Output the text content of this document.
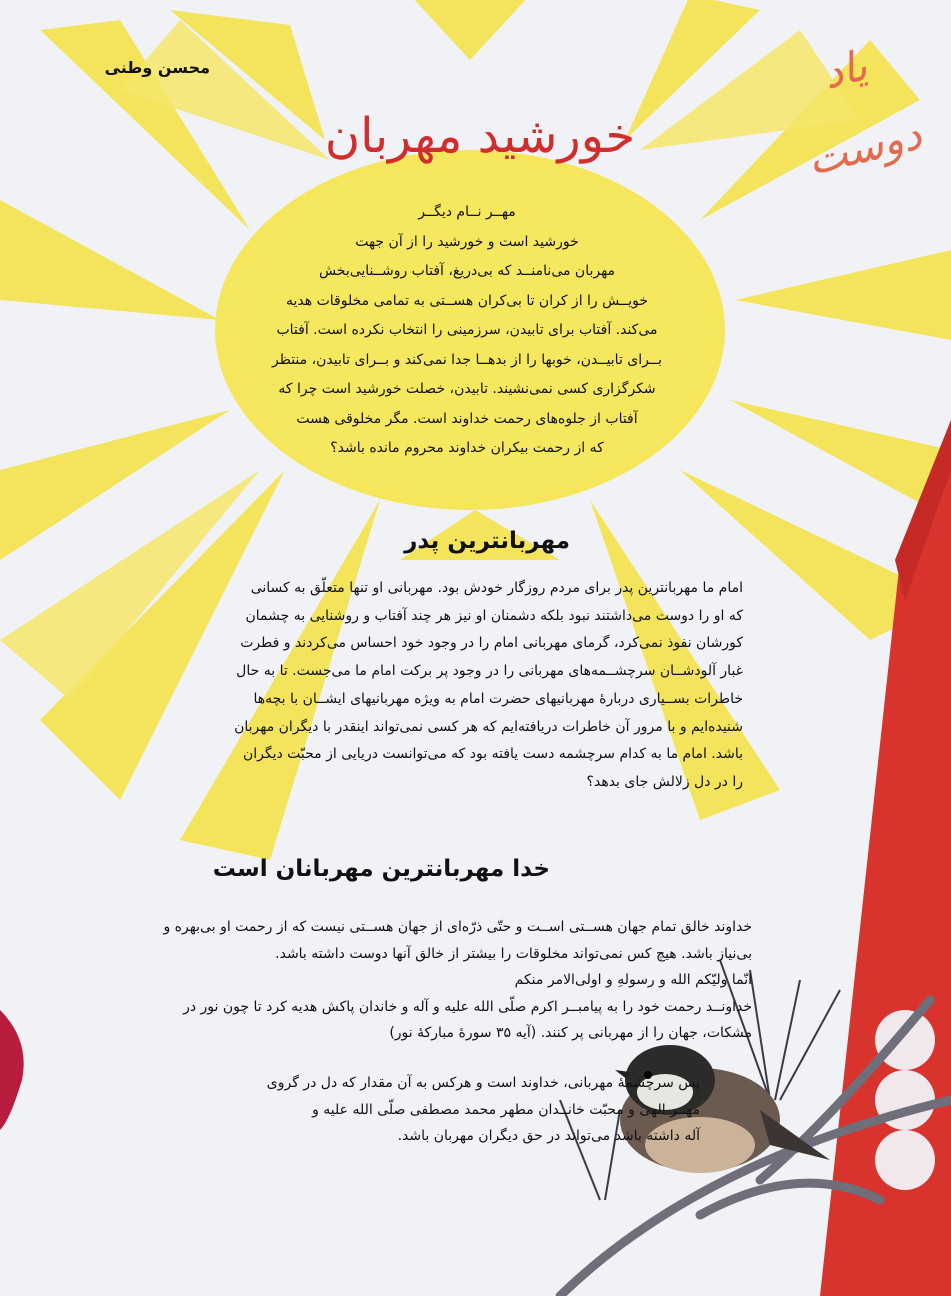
یاد دوست
محسن وطنی
خورشید مهربان

مهــر نــام دیگــر

خورشید است و خورشید را از آن جهت

مهربان می‌نامنــد که بی‌دریغ، آفتاب روشــنایی‌بخش

خویــش را از کران تا بی‌کران هســتی به تمامی مخلوقات هدیه

می‌کند. آفتاب برای تابیدن، سرزمینی را انتخاب نکرده است. آفتاب

بــرای تابیــدن، خوبها را از بدهــا جدا نمی‌کند و بــرای تابیدن، منتظر

شکرگزاری کسی نمی‌نشیند. تابیدن، خصلت خورشید است چرا که

آفتاب از جلوه‌های رحمت خداوند است. مگر مخلوقی هست

که از رحمت بیکران خداوند محروم مانده باشد؟

مهربانترین پدر

امام ما مهربانترین پدر برای مردم روزگار خودش بود. مهربانی او تنها متعلّق به کسانی

که او را دوست می‌داشتند نبود بلکه دشمنان او نیز هر چند آفتاب و روشنایی به چشمان

کورشان نفوذ نمی‌کرد، گرمای مهربانی امام را در وجود خود احساس می‌کردند و فطرت

غبار آلودشــان سرچشــمه‌های مهربانی را در وجود پر برکت امام ما می‌جست. تا به حال

خاطرات بســیاری دربارۀ مهربانیهای حضرت امام به ویژه مهربانیهای ایشــان با بچه‌ها

شنیده‌ایم و با مرور آن خاطرات دریافته‌ایم که هر کسی نمی‌تواند اینقدر با دیگران مهربان

باشد. امام ما به کدام سرچشمه دست یافته بود که می‌توانست دریایی از محبّت دیگران

را در دل زلالش جای بدهد؟

خدا مهربانترین مهربانان است

خداوند خالق تمام جهان هســتی اســت و حتّی ذرّه‌ای از جهان هســتی نیست که از رحمت او بی‌بهره و

بی‌نیاز باشد. هیچ کس نمی‌تواند مخلوقات را بیشتر از خالق آنها دوست داشته باشد.

انّما ولیّکم الله و رسولهِ و اولی‌الامر منکم

خداونــد رحمت خود را به پیامبــر اکرم صلّی الله علیه و آله و خاندان پاکش هدیه کرد تا چون نور در

مشکات، جهان را از مهربانی پر کنند. (آیه ۳۵ سورۀ مبارکۀ نور)

پس سرچشمۀ مهربانی، خداوند است و هرکس به آن مقدار که دل در گروی

مهــر الهی و محبّت خانــدان مطهر محمد مصطفی صلّی الله علیه و

آله داشته باشد می‌تواند در حق دیگران مهربان باشد.
